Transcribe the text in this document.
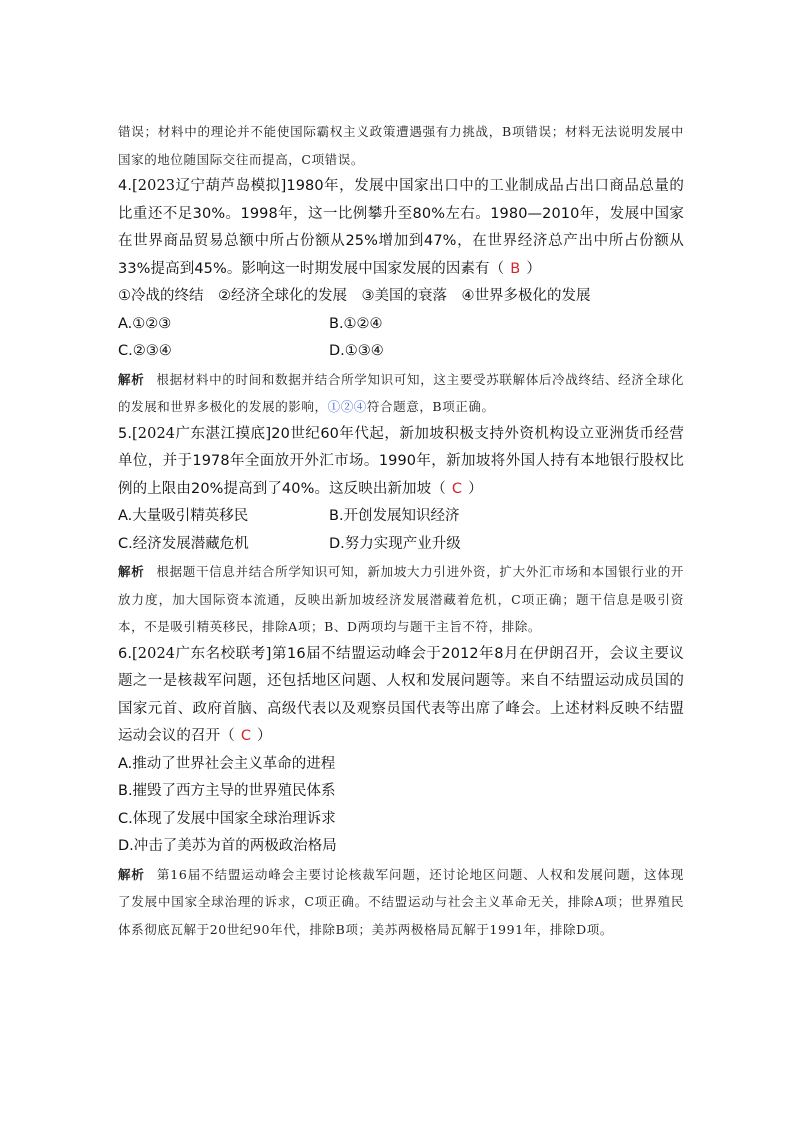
错误；材料中的理论并不能使国际霸权主义政策遭遇强有力挑战，B项错误；材料无法说明发展中国家的地位随国际交往而提高，C项错误。

4.[2023辽宁葫芦岛模拟]1980年，发展中国家出口中的工业制成品占出口商品总量的比重还不足30%。1998年，这一比例攀升至80%左右。1980—2010年，发展中国家在世界商品贸易总额中所占份额从25%增加到47%，在世界经济总产出中所占份额从33%提高到45%。影响这一时期发展中国家发展的因素有（ B ）

①冷战的终结　②经济全球化的发展　③美国的衰落　④世界多极化的发展

A.①②③	B.①②④
C.②③④	D.①③④

解析 根据材料中的时间和数据并结合所学知识可知，这主要受苏联解体后冷战终结、经济全球化的发展和世界多极化的发展的影响，①②④符合题意，B项正确。

5.[2024广东湛江摸底]20世纪60年代起，新加坡积极支持外资机构设立亚洲货币经营单位，并于1978年全面放开外汇市场。1990年，新加坡将外国人持有本地银行股权比例的上限由20%提高到了40%。这反映出新加坡（ C ）

A.大量吸引精英移民	B.开创发展知识经济
C.经济发展潜藏危机	D.努力实现产业升级

解析 根据题干信息并结合所学知识可知，新加坡大力引进外资，扩大外汇市场和本国银行业的开放力度，加大国际资本流通，反映出新加坡经济发展潜藏着危机，C项正确；题干信息是吸引资本，不是吸引精英移民，排除A项；B、D两项均与题干主旨不符，排除。

6.[2024广东名校联考]第16届不结盟运动峰会于2012年8月在伊朗召开，会议主要议题之一是核裁军问题，还包括地区问题、人权和发展问题等。来自不结盟运动成员国的国家元首、政府首脑、高级代表以及观察员国代表等出席了峰会。上述材料反映不结盟运动会议的召开（ C ）

A.推动了世界社会主义革命的进程

B.摧毁了西方主导的世界殖民体系

C.体现了发展中国家全球治理诉求

D.冲击了美苏为首的两极政治格局

解析 第16届不结盟运动峰会主要讨论核裁军问题，还讨论地区问题、人权和发展问题，这体现了发展中国家全球治理的诉求，C项正确。不结盟运动与社会主义革命无关，排除A项；世界殖民体系彻底瓦解于20世纪90年代，排除B项；美苏两极格局瓦解于1991年，排除D项。
